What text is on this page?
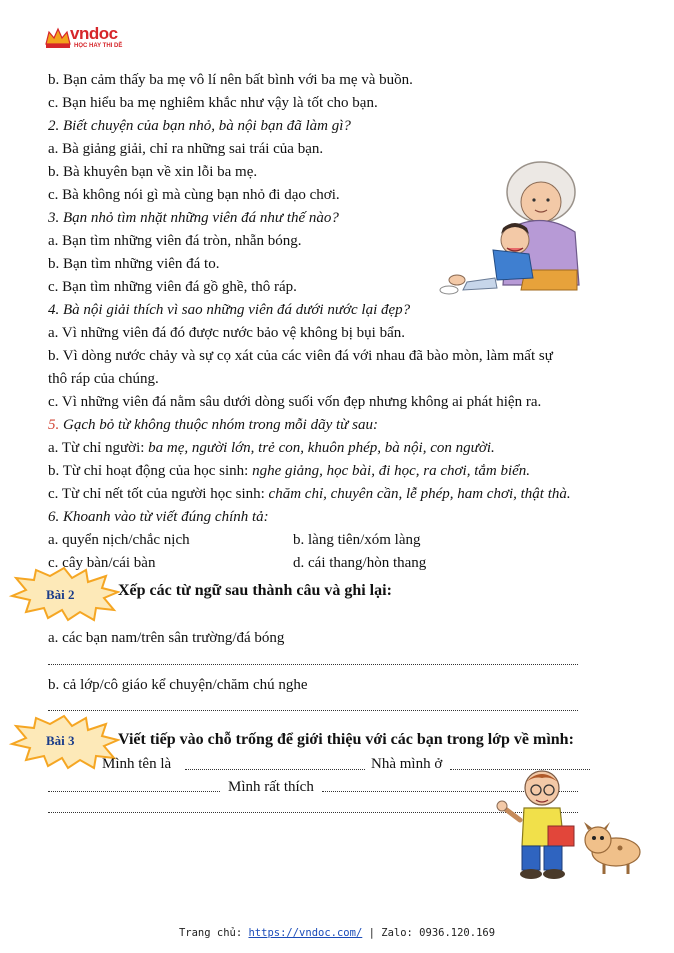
vndoc
HỌC HAY THI DỄ
b. Bạn cảm thấy ba mẹ vô lí nên bất bình với ba mẹ và buồn.
c. Bạn hiểu ba mẹ nghiêm khắc như vậy là tốt cho bạn.
2. Biết chuyện của bạn nhỏ, bà nội bạn đã làm gì?
a. Bà giảng giải, chỉ ra những sai trái của bạn.
b. Bà khuyên bạn về xin lỗi ba mẹ.
c. Bà không nói gì mà cùng bạn nhỏ đi dạo chơi.
3. Bạn nhỏ tìm nhặt những viên đá như thế nào?
a. Bạn tìm những viên đá tròn, nhẵn bóng.
b. Bạn tìm những viên đá to.
c. Bạn tìm những viên đá gồ ghề, thô ráp.
4. Bà nội giải thích vì sao những viên đá dưới nước lại đẹp?
a. Vì những viên đá đó được nước bảo vệ không bị bụi bẩn.
b. Vì dòng nước chảy và sự cọ xát của các viên đá với nhau đã bào mòn, làm mất sự
thô ráp của chúng.
c. Vì những viên đá nằm sâu dưới dòng suối vốn đẹp nhưng không ai phát hiện ra.
5. Gạch bỏ từ không thuộc nhóm trong mỗi dãy từ sau:
a. Từ chỉ người: ba mẹ, người lớn, trẻ con, khuôn phép, bà nội, con người.
b. Từ chỉ hoạt động của học sinh: nghe giảng, học bài, đi học, ra chơi, tắm biển.
c. Từ chỉ nết tốt của người học sinh: chăm chỉ, chuyên cần, lễ phép, ham chơi, thật thà.
6. Khoanh vào từ viết đúng chính tả:
a. quyển nịch/chắc nịch	b. làng tiên/xóm làng
c. cây bàn/cái bàn	d. cái thang/hòn thang
Bài 2	Xếp các từ ngữ sau thành câu và ghi lại:
a. các bạn nam/trên sân trường/đá bóng
b. cả lớp/cô giáo kể chuyện/chăm chú nghe
Bài 3	Viết tiếp vào chỗ trống để giới thiệu với các bạn trong lớp về mình:
Mình tên là	Nhà mình ở
Mình rất thích
Trang chủ: https://vndoc.com/ | Zalo: 0936.120.169
